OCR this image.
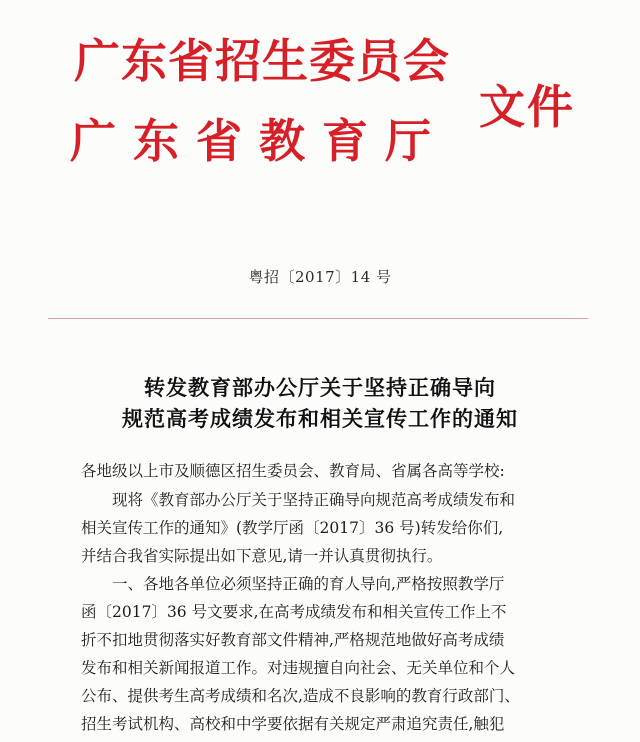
广东省招生委员会
广东省教育厅
文件
粤招〔2017〕14 号
转发教育部办公厅关于坚持正确导向
规范高考成绩发布和相关宣传工作的通知
各地级以上市及顺德区招生委员会、教育局、省属各高等学校:
　　现将《教育部办公厅关于坚持正确导向规范高考成绩发布和
相关宣传工作的通知》(教学厅函〔2017〕36 号)转发给你们,
并结合我省实际提出如下意见,请一并认真贯彻执行。
　　一、各地各单位必须坚持正确的育人导向,严格按照教学厅
函〔2017〕36 号文要求,在高考成绩发布和相关宣传工作上不
折不扣地贯彻落实好教育部文件精神,严格规范地做好高考成绩
发布和相关新闻报道工作。对违规擅自向社会、无关单位和个人
公布、提供考生高考成绩和名次,造成不良影响的教育行政部门、
招生考试机构、高校和中学要依据有关规定严肃追究责任,触犯
